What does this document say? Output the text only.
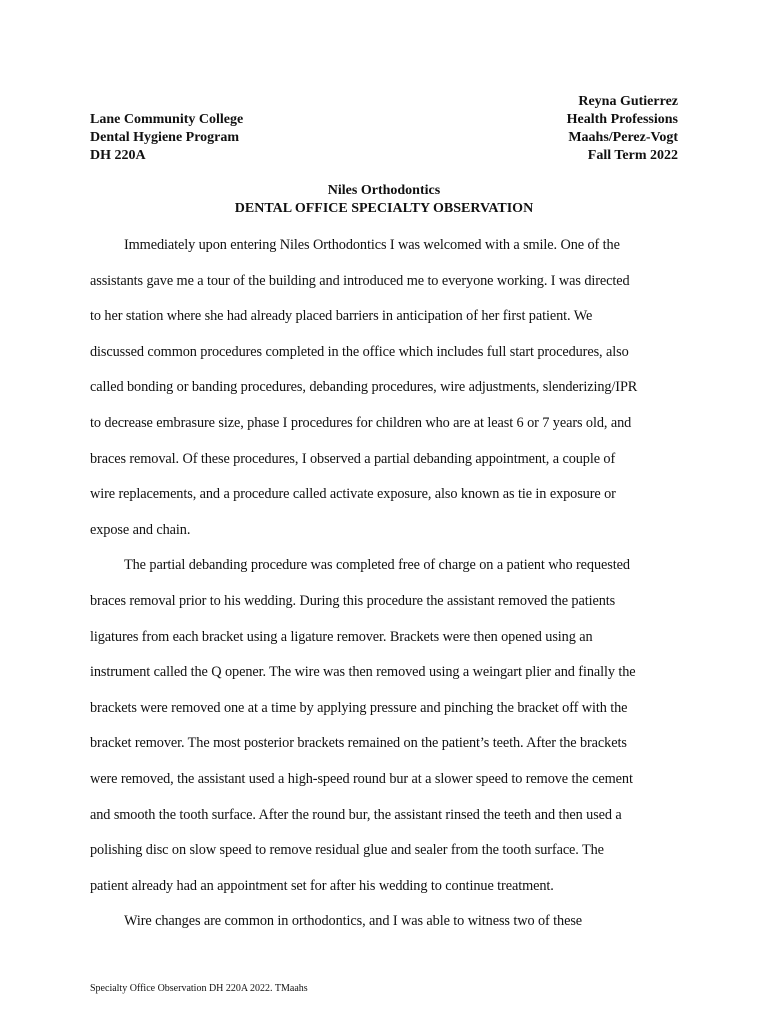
Reyna Gutierrez
Lane Community College	Health Professions
Dental Hygiene Program	Maahs/Perez-Vogt
DH 220A	Fall Term 2022
Niles Orthodontics
DENTAL OFFICE SPECIALTY OBSERVATION

Immediately upon entering Niles Orthodontics I was welcomed with a smile. One of the
assistants gave me a tour of the building and introduced me to everyone working. I was directed
to her station where she had already placed barriers in anticipation of her first patient. We
discussed common procedures completed in the office which includes full start procedures, also
called bonding or banding procedures, debanding procedures, wire adjustments, slenderizing/IPR
to decrease embrasure size, phase I procedures for children who are at least 6 or 7 years old, and
braces removal. Of these procedures, I observed a partial debanding appointment, a couple of
wire replacements, and a procedure called activate exposure, also known as tie in exposure or
expose and chain.

The partial debanding procedure was completed free of charge on a patient who requested
braces removal prior to his wedding. During this procedure the assistant removed the patients
ligatures from each bracket using a ligature remover. Brackets were then opened using an
instrument called the Q opener. The wire was then removed using a weingart plier and finally the
brackets were removed one at a time by applying pressure and pinching the bracket off with the
bracket remover. The most posterior brackets remained on the patient’s teeth. After the brackets
were removed, the assistant used a high-speed round bur at a slower speed to remove the cement
and smooth the tooth surface. After the round bur, the assistant rinsed the teeth and then used a
polishing disc on slow speed to remove residual glue and sealer from the tooth surface. The
patient already had an appointment set for after his wedding to continue treatment.

Wire changes are common in orthodontics, and I was able to witness two of these

Specialty Office Observation DH 220A 2022. TMaahs
